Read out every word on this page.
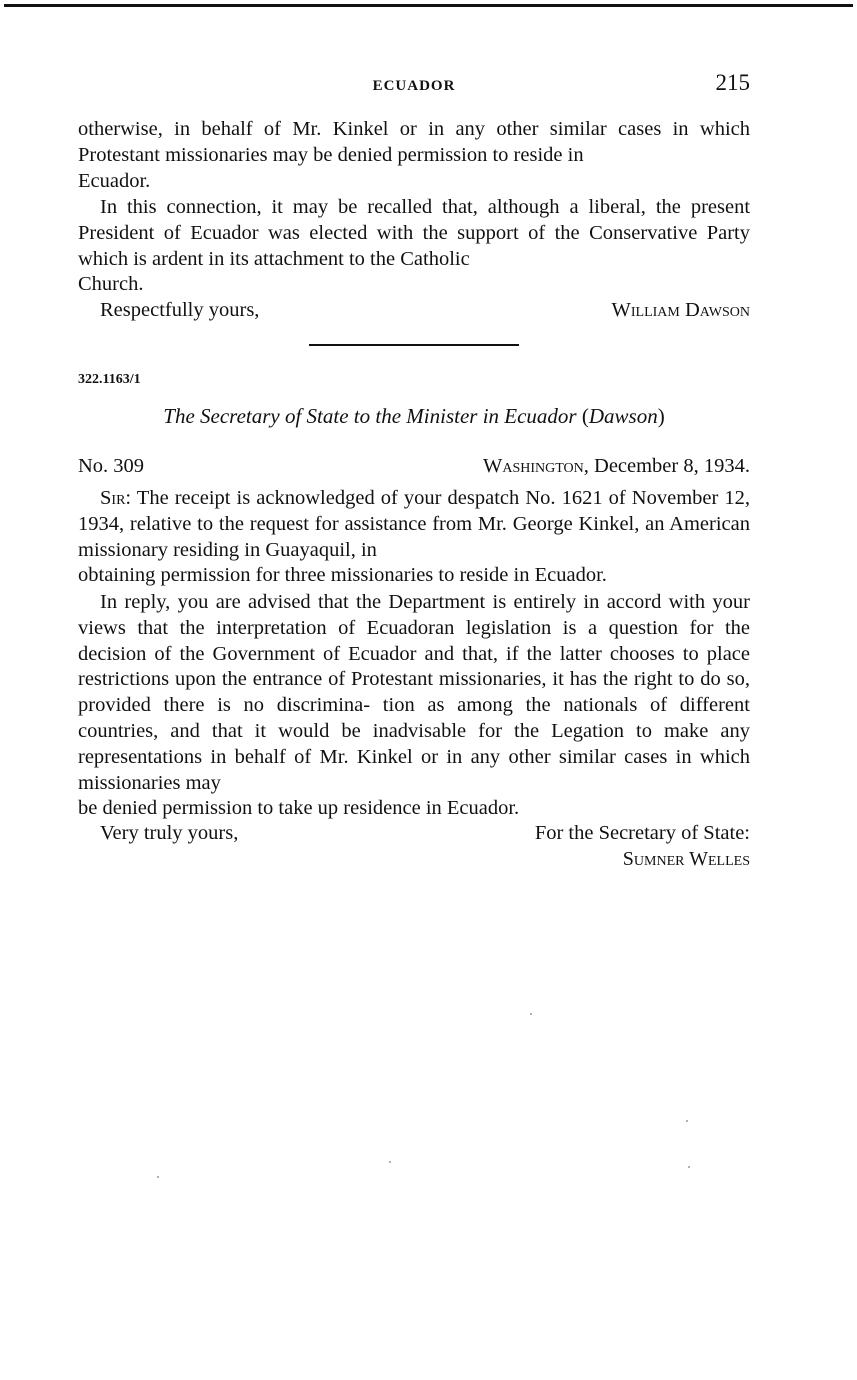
ECUADOR	215

otherwise, in behalf of Mr. Kinkel or in any other similar cases in which Protestant missionaries may be denied permission to reside in

Ecuador.

In this connection, it may be recalled that, although a liberal, the present President of Ecuador was elected with the support of the Conservative Party which is ardent in its attachment to the Catholic

Church.

Respectfully yours,	William Dawson
322.1163/1
The Secretary of State to the Minister in Ecuador (Dawson)
No. 309	Washington, December 8, 1934.

Sir: The receipt is acknowledged of your despatch No. 1621 of November 12, 1934, relative to the request for assistance from Mr. George Kinkel, an American missionary residing in Guayaquil, in

obtaining permission for three missionaries to reside in Ecuador.

In reply, you are advised that the Department is entirely in accord with your views that the interpretation of Ecuadoran legislation is a question for the decision of the Government of Ecuador and that, if the latter chooses to place restrictions upon the entrance of Protestant missionaries, it has the right to do so, provided there is no discrimina- tion as among the nationals of different countries, and that it would be inadvisable for the Legation to make any representations in behalf of Mr. Kinkel or in any other similar cases in which missionaries may

be denied permission to take up residence in Ecuador.

Very truly yours,	For the Secretary of State:
Sumner Welles
